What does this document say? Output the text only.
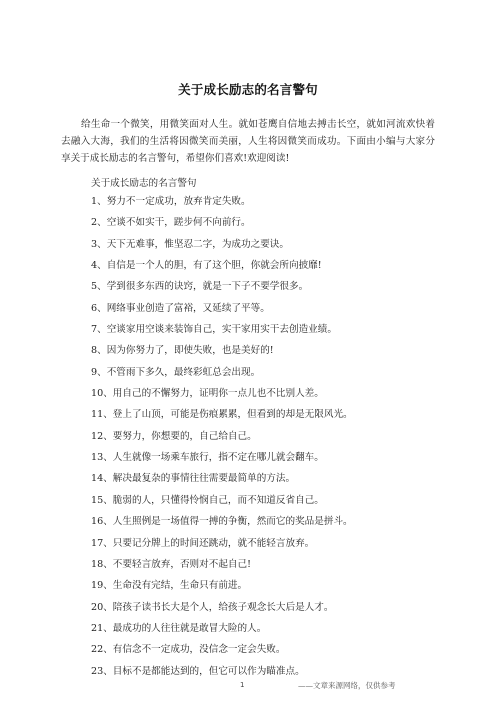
关于成长励志的名言警句

给生命一个微笑，用微笑面对人生。就如苍鹰自信地去搏击长空，就如河流欢快着去融入大海，我们的生活将因微笑而美丽，人生将因微笑而成功。下面由小编与大家分享关于成长励志的名言警句，希望你们喜欢!欢迎阅读!

关于成长励志的名言警句
1、努力不一定成功，放弃肯定失败。
2、空谈不如实干，蹉步何不向前行。
3、天下无难事，惟坚忍二字，为成功之要诀。
4、自信是一个人的胆，有了这个胆，你就会所向披靡!
5、学到很多东西的诀窍，就是一下子不要学很多。
6、网络事业创造了富裕，又延续了平等。
7、空谈家用空谈来装饰自己，实干家用实干去创造业绩。
8、因为你努力了，即使失败，也是美好的!
9、不管雨下多久，最终彩虹总会出现。
10、用自己的不懈努力，证明你一点儿也不比别人差。
11、登上了山顶，可能是伤痕累累，但看到的却是无限风光。
12、要努力，你想要的，自己给自己。
13、人生就像一场乘车旅行，指不定在哪儿就会翻车。
14、解决最复杂的事情往往需要最简单的方法。
15、脆弱的人，只懂得怜悯自己，而不知道反省自己。
16、人生照例是一场值得一搏的争衡，然而它的奖品是拼斗。
17、只要记分牌上的时间还跳动，就不能轻言放弃。
18、不要轻言放弃，否则对不起自己!
19、生命没有完结，生命只有前进。
20、陪孩子读书长大是个人，给孩子观念长大后是人才。
21、最成功的人往往就是敢冒大险的人。
22、有信念不一定成功，没信念一定会失败。
23、目标不是都能达到的，但它可以作为瞄准点。
1	——文章来源网络，仅供参考
